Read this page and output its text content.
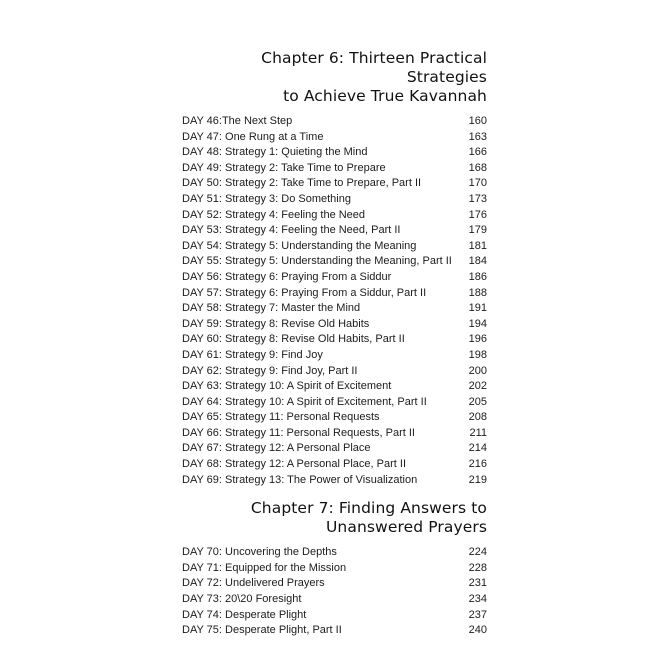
Chapter 6: Thirteen Practical Strategies
to Achieve True Kavannah
DAY 46:The Next Step	160
DAY 47: One Rung at a Time	163
DAY 48: Strategy 1: Quieting the Mind	166
DAY 49: Strategy 2: Take Time to Prepare	168
DAY 50: Strategy 2: Take Time to Prepare, Part II	170
DAY 51: Strategy 3: Do Something	173
DAY 52: Strategy 4: Feeling the Need	176
DAY 53: Strategy 4: Feeling the Need, Part II	179
DAY 54: Strategy 5: Understanding the Meaning	181
DAY 55: Strategy 5: Understanding the Meaning, Part II	184
DAY 56: Strategy 6: Praying From a Siddur	186
DAY 57: Strategy 6: Praying From a Siddur, Part II	188
DAY 58: Strategy 7: Master the Mind	191
DAY 59: Strategy 8: Revise Old Habits	194
DAY 60: Strategy 8: Revise Old Habits, Part II	196
DAY 61: Strategy 9: Find Joy	198
DAY 62: Strategy 9: Find Joy, Part II	200
DAY 63: Strategy 10: A Spirit of Excitement	202
DAY 64: Strategy 10: A Spirit of Excitement, Part II	205
DAY 65: Strategy 11: Personal Requests	208
DAY 66: Strategy 11: Personal Requests, Part II	211
DAY 67: Strategy 12: A Personal Place	214
DAY 68: Strategy 12: A Personal Place, Part II	216
DAY 69: Strategy 13: The Power of Visualization	219
Chapter 7: Finding Answers to
Unanswered Prayers
DAY 70: Uncovering the Depths	224
DAY 71: Equipped for the Mission	228
DAY 72: Undelivered Prayers	231
DAY 73: 20\20 Foresight	234
DAY 74: Desperate Plight	237
DAY 75: Desperate Plight, Part II	240
